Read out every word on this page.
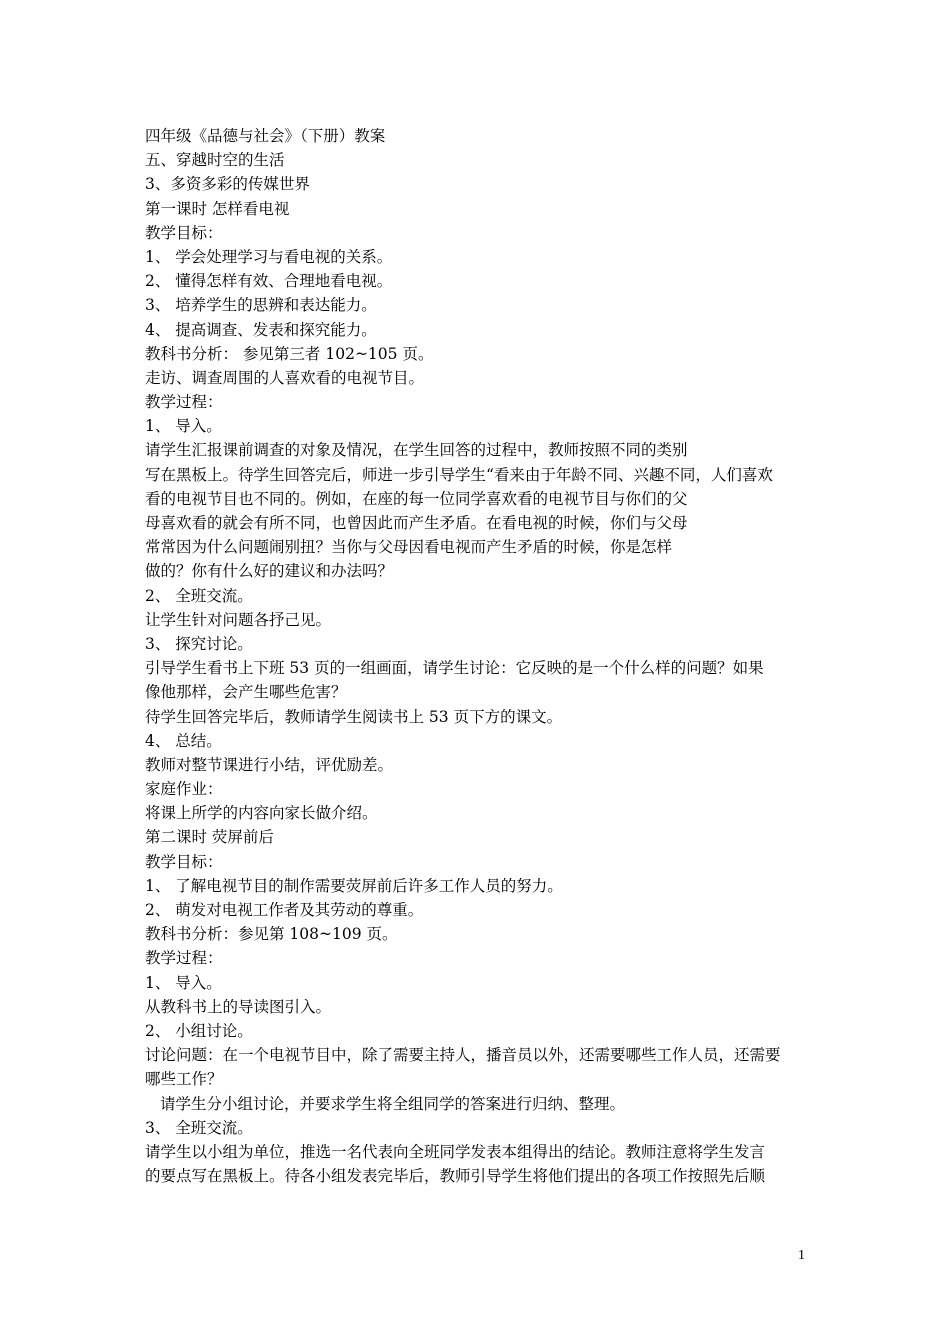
四年级《品德与社会》（下册）教案
五、穿越时空的生活
3、多资多彩的传媒世界
第一课时 怎样看电视
教学目标：
1、 学会处理学习与看电视的关系。
2、 懂得怎样有效、合理地看电视。
3、 培养学生的思辨和表达能力。
4、 提高调查、发表和探究能力。
教科书分析： 参见第三者 102~105 页。
走访、调查周围的人喜欢看的电视节目。
教学过程：
1、 导入。
请学生汇报课前调查的对象及情况，在学生回答的过程中，教师按照不同的类别
写在黑板上。待学生回答完后，师进一步引导学生“看来由于年龄不同、兴趣不同，人们喜欢
看的电视节目也不同的。例如，在座的每一位同学喜欢看的电视节目与你们的父
母喜欢看的就会有所不同，也曾因此而产生矛盾。在看电视的时候，你们与父母
常常因为什么问题闹别扭？当你与父母因看电视而产生矛盾的时候，你是怎样
做的？你有什么好的建议和办法吗？
2、 全班交流。
让学生针对问题各抒己见。
3、 探究讨论。
引导学生看书上下班 53 页的一组画面，请学生讨论：它反映的是一个什么样的问题？如果
像他那样，会产生哪些危害？
待学生回答完毕后，教师请学生阅读书上 53 页下方的课文。
4、 总结。
教师对整节课进行小结，评优励差。
家庭作业：
将课上所学的内容向家长做介绍。
第二课时 荧屏前后
教学目标：
1、 了解电视节目的制作需要荧屏前后许多工作人员的努力。
2、 萌发对电视工作者及其劳动的尊重。
教科书分析：参见第 108~109 页。
教学过程：
1、 导入。
从教科书上的导读图引入。
2、 小组讨论。
讨论问题：在一个电视节目中，除了需要主持人，播音员以外，还需要哪些工作人员，还需要
哪些工作？
请学生分小组讨论，并要求学生将全组同学的答案进行归纳、整理。
3、 全班交流。
请学生以小组为单位，推选一名代表向全班同学发表本组得出的结论。教师注意将学生发言
的要点写在黑板上。待各小组发表完毕后，教师引导学生将他们提出的各项工作按照先后顺
1
